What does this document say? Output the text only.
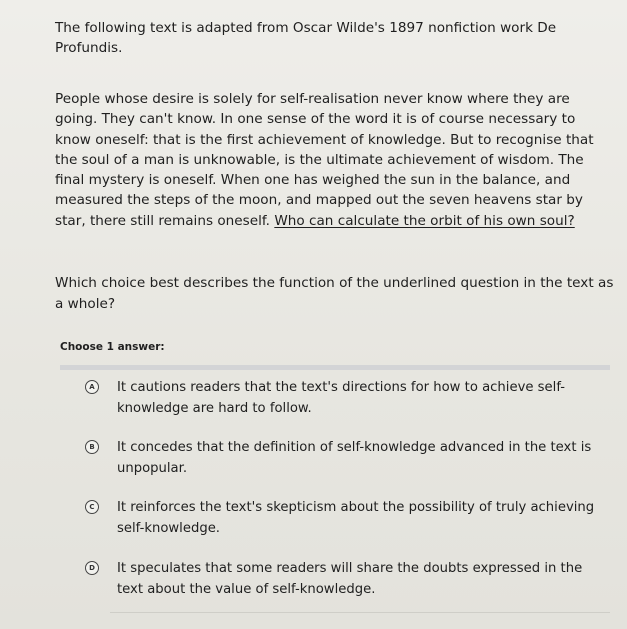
The following text is adapted from Oscar Wilde's 1897 nonfiction work De Profundis.
People whose desire is solely for self-realisation never know where they are going. They can't know. In one sense of the word it is of course necessary to know oneself: that is the first achievement of knowledge. But to recognise that the soul of a man is unknowable, is the ultimate achievement of wisdom. The final mystery is oneself. When one has weighed the sun in the balance, and measured the steps of the moon, and mapped out the seven heavens star by star, there still remains oneself. Who can calculate the orbit of his own soul?
Which choice best describes the function of the underlined question in the text as a whole?
Choose 1 answer:
A	It cautions readers that the text's directions for how to achieve self-knowledge are hard to follow.
B	It concedes that the definition of self-knowledge advanced in the text is unpopular.
C	It reinforces the text's skepticism about the possibility of truly achieving self-knowledge.
D	It speculates that some readers will share the doubts expressed in the text about the value of self-knowledge.
